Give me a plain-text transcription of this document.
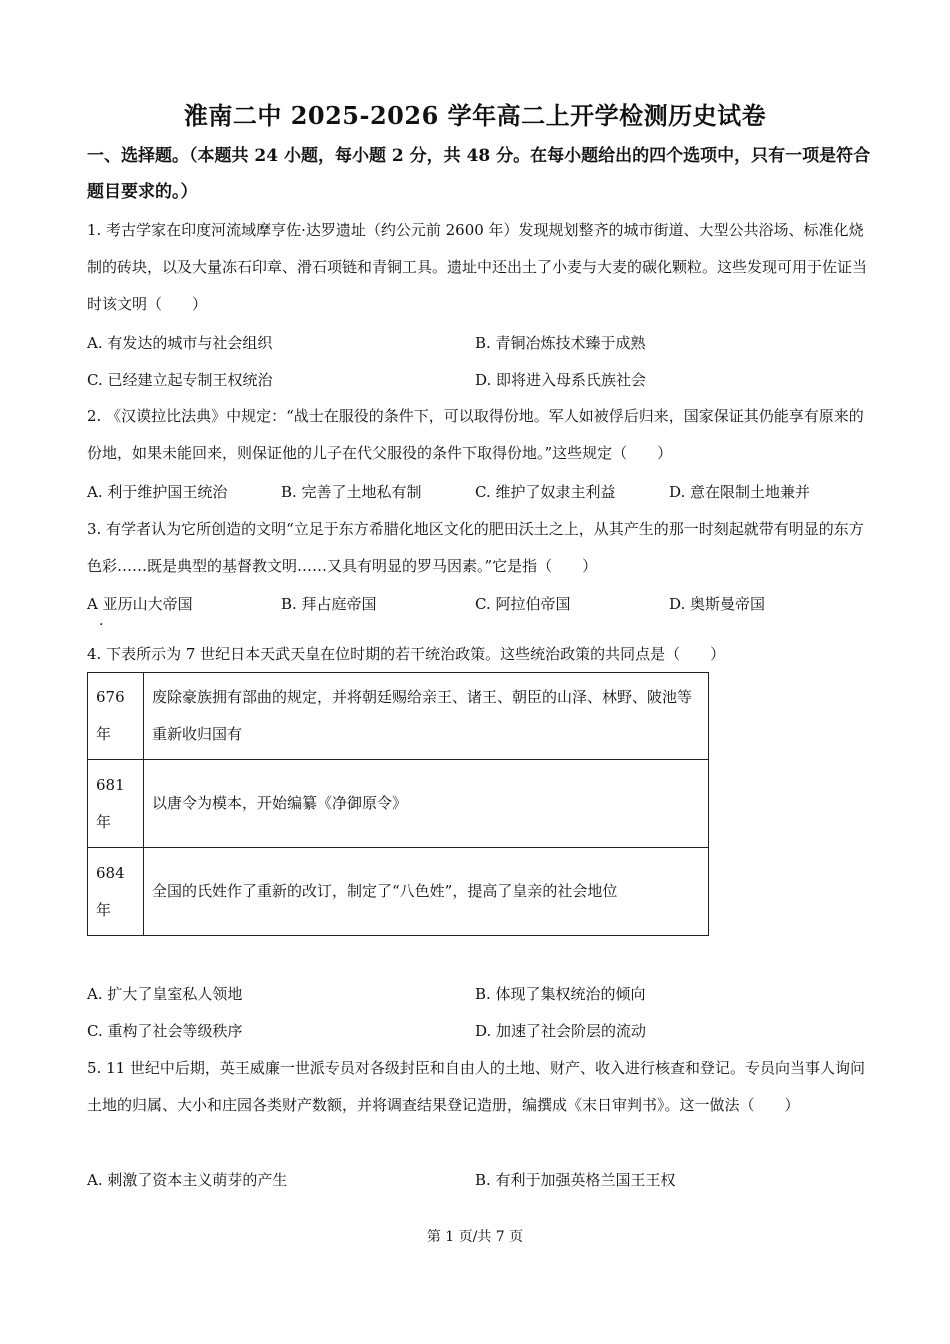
淮南二中 2025-2026 学年高二上开学检测历史试卷
一、选择题。（本题共 24 小题，每小题 2 分，共 48 分。在每小题给出的四个选项中，只有一项是符合题目要求的。）
1. 考古学家在印度河流域摩亨佐·达罗遗址（约公元前 2600 年）发现规划整齐的城市街道、大型公共浴场、标准化烧制的砖块，以及大量冻石印章、滑石项链和青铜工具。遗址中还出土了小麦与大麦的碳化颗粒。这些发现可用于佐证当时该文明（　　）
A. 有发达的城市与社会组织	B. 青铜冶炼技术臻于成熟
C. 已经建立起专制王权统治	D. 即将进入母系氏族社会
2. 《汉谟拉比法典》中规定：“战士在服役的条件下，可以取得份地。军人如被俘后归来，国家保证其仍能享有原来的份地，如果未能回来，则保证他的儿子在代父服役的条件下取得份地。”这些规定（　　）
A. 利于维护国王统治	B. 完善了土地私有制	C. 维护了奴隶主利益	D. 意在限制土地兼并
3. 有学者认为它所创造的文明“立足于东方希腊化地区文化的肥田沃土之上，从其产生的那一时刻起就带有明显的东方色彩……既是典型的基督教文明……又具有明显的罗马因素。”它是指（　　）
A 亚历山大帝国
·
B. 拜占庭帝国	C. 阿拉伯帝国	D. 奥斯曼帝国
4. 下表所示为 7 世纪日本天武天皇在位时期的若干统治政策。这些统治政策的共同点是（　　）
676 年	废除豪族拥有部曲的规定，并将朝廷赐给亲王、诸王、朝臣的山泽、林野、陂池等重新收归国有
681 年	以唐令为模本，开始编纂《净御原令》
684 年	全国的氏姓作了重新的改订，制定了“八色姓”，提高了皇亲的社会地位
A. 扩大了皇室私人领地	B. 体现了集权统治的倾向
C. 重构了社会等级秩序	D. 加速了社会阶层的流动
5. 11 世纪中后期，英王威廉一世派专员对各级封臣和自由人的土地、财产、收入进行核查和登记。专员向当事人询问土地的归属、大小和庄园各类财产数额，并将调查结果登记造册，编撰成《末日审判书》。这一做法（　　）
A. 刺激了资本主义萌芽的产生	B. 有利于加强英格兰国王王权
第 1 页/共 7 页
